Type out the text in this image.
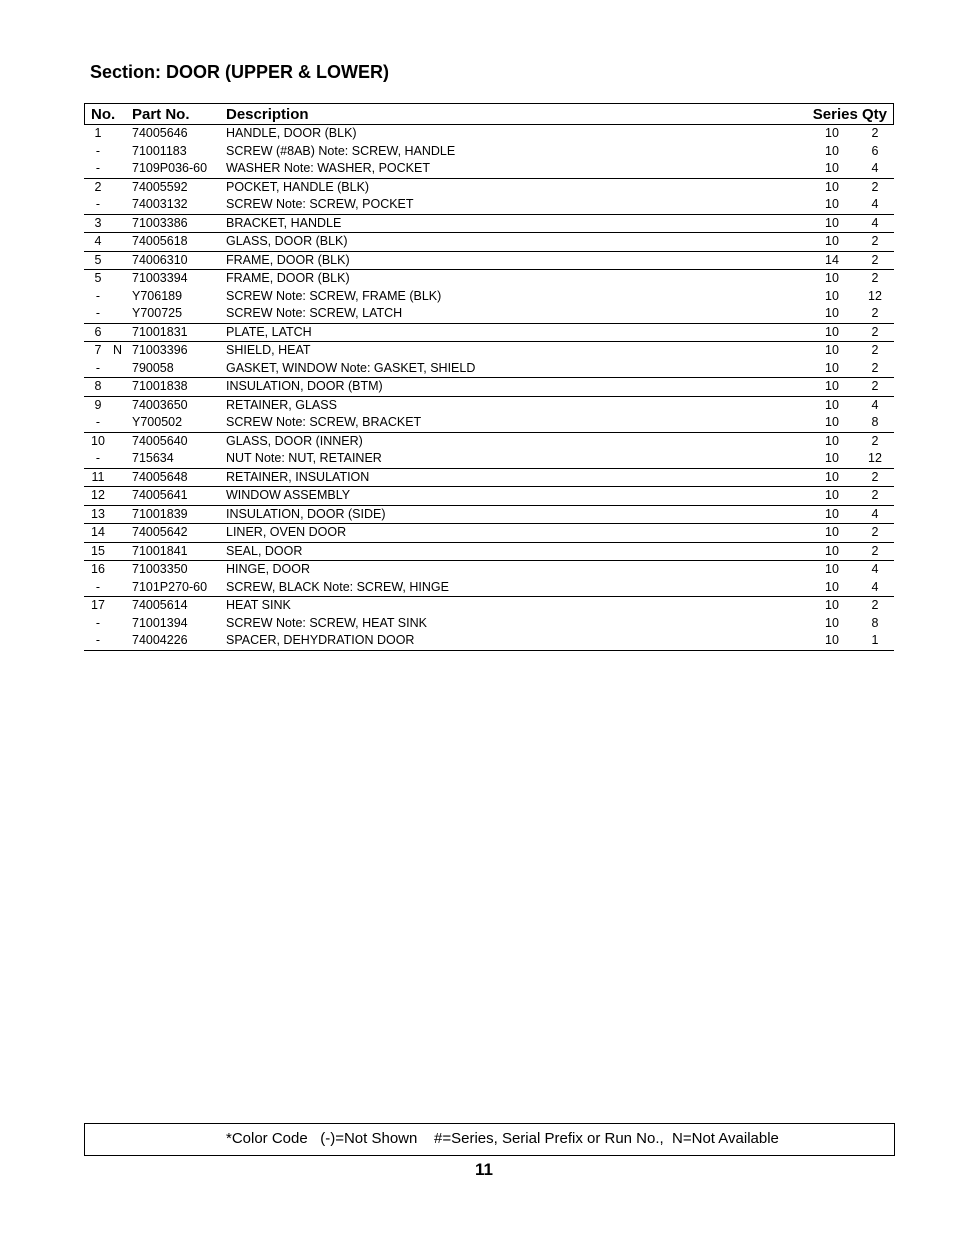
Section: DOOR (UPPER & LOWER)
No. Part No. Description	Series Qty
1	74005646	HANDLE, DOOR (BLK)	10	2
-	71001183	SCREW (#8AB) Note: SCREW, HANDLE	10	6
-	7109P036-60 WASHER Note: WASHER, POCKET	10	4
2	74005592	POCKET, HANDLE (BLK)	10	2
-	74003132	SCREW Note: SCREW, POCKET	10	4
3	71003386	BRACKET, HANDLE	10	4
4	74005618	GLASS, DOOR (BLK)	10	2
5	74006310	FRAME, DOOR (BLK)	14	2
5	71003394	FRAME, DOOR (BLK)	10	2
-	Y706189	SCREW Note: SCREW, FRAME (BLK)	10	12
-	Y700725	SCREW Note: SCREW, LATCH	10	2
6	71001831	PLATE, LATCH	10	2
7 N 71003396	SHIELD, HEAT	10	2
-	790058	GASKET, WINDOW Note: GASKET, SHIELD	10	2
8	71001838	INSULATION, DOOR (BTM)	10	2
9	74003650	RETAINER, GLASS	10	4
-	Y700502	SCREW Note: SCREW, BRACKET	10	8
10	74005640	GLASS, DOOR (INNER)	10	2
-	715634	NUT Note: NUT, RETAINER	10	12
11	74005648	RETAINER, INSULATION	10	2
12	74005641	WINDOW ASSEMBLY	10	2
13	71001839	INSULATION, DOOR (SIDE)	10	4
14	74005642	LINER, OVEN DOOR	10	2
15	71001841	SEAL, DOOR	10	2
16	71003350	HINGE, DOOR	10	4
-	7101P270-60 SCREW, BLACK Note: SCREW, HINGE	10	4
17	74005614	HEAT SINK	10	2
-	71001394	SCREW Note: SCREW, HEAT SINK	10	8
-	74004226	SPACER, DEHYDRATION DOOR	10	1
*Color Code   (-)=Not Shown    #=Series, Serial Prefix or Run No.,  N=Not Available
11
